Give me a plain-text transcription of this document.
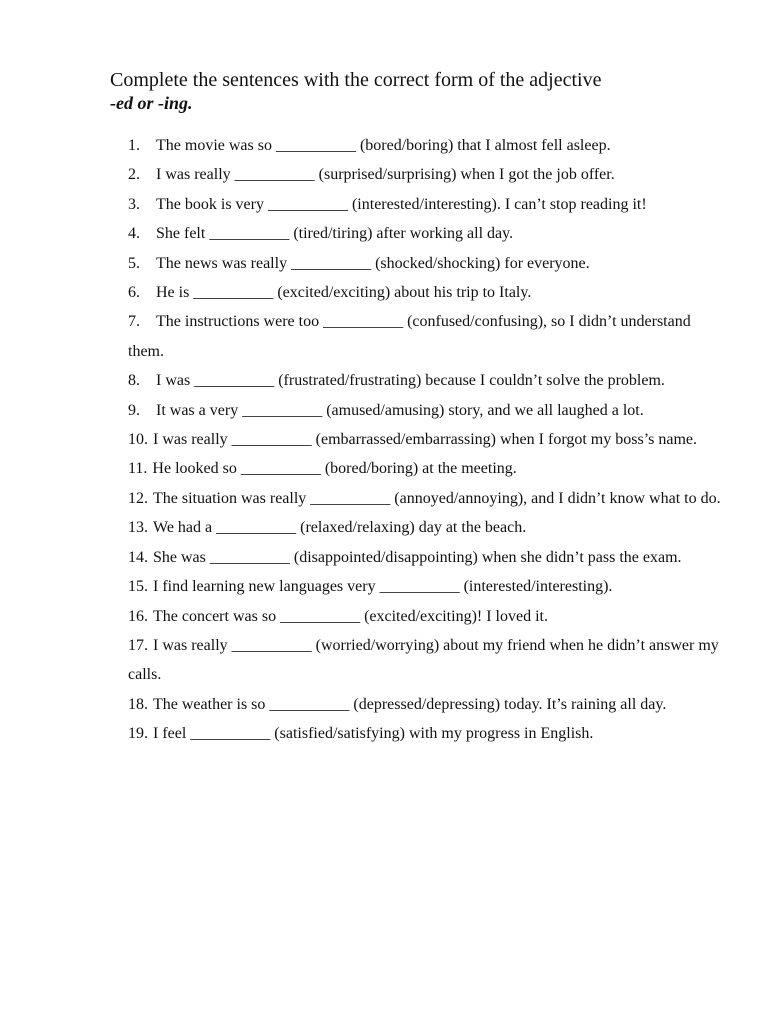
Complete the sentences with the correct form of the adjective

-ed or -ing.

1. The movie was so __________ (bored/boring) that I almost fell asleep.
2. I was really __________ (surprised/surprising) when I got the job offer.
3. The book is very __________ (interested/interesting). I can’t stop reading it!
4. She felt __________ (tired/tiring) after working all day.
5. The news was really __________ (shocked/shocking) for everyone.
6. He is __________ (excited/exciting) about his trip to Italy.
7. The instructions were too __________ (confused/confusing), so I didn’t understand them.
8. I was __________ (frustrated/frustrating) because I couldn’t solve the problem.
9. It was a very __________ (amused/amusing) story, and we all laughed a lot.
10. I was really __________ (embarrassed/embarrassing) when I forgot my boss’s name.
11. He looked so __________ (bored/boring) at the meeting.
12. The situation was really __________ (annoyed/annoying), and I didn’t know what to do.
13. We had a __________ (relaxed/relaxing) day at the beach.
14. She was __________ (disappointed/disappointing) when she didn’t pass the exam.
15. I find learning new languages very __________ (interested/interesting).
16. The concert was so __________ (excited/exciting)! I loved it.
17. I was really __________ (worried/worrying) about my friend when he didn’t answer my calls.
18. The weather is so __________ (depressed/depressing) today. It’s raining all day.
19. I feel __________ (satisfied/satisfying) with my progress in English.
